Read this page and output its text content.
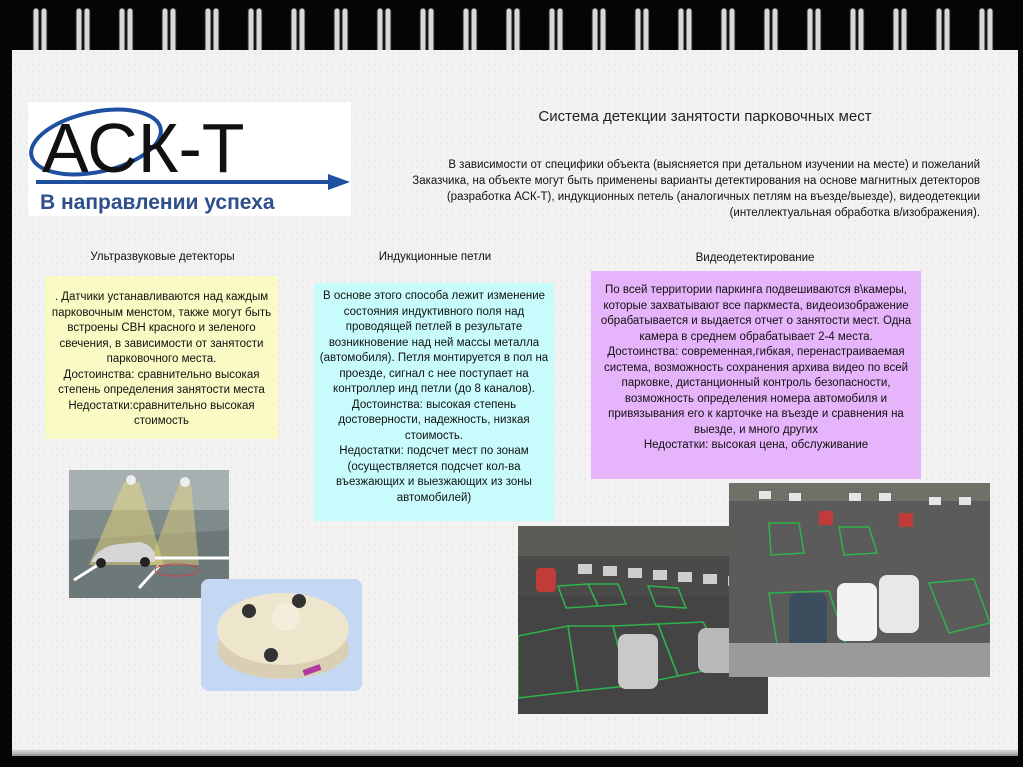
АСК-Т
В направлении успеха
Система детекции занятости парковочных мест
В зависимости от специфики объекта (выясняется при детальном изучении на месте) и пожеланий Заказчика, на объекте могут быть применены варианты детектирования на основе магнитных детекторов (разработка АСК-Т), индукционных петель (аналогичных петлям на въезде/выезде), видеодетекции (интеллектуальная обработка в/изображения).
Ультразвуковые детекторы	Индукционные петли	Видеодетектирование
. Датчики устанавливаются над каждым парковочным менстом, также могут быть встроены СВН красного и зеленого свечения, в зависимости от занятости парковочного места.
Достоинства: сравнительно высокая степень определения занятости места
Недостатки:сравнительно высокая стоимость
В основе этого способа лежит изменение состояния индуктивного поля над проводящей петлей в результате возникновение над ней массы металла (автомобиля). Петля монтируется в пол на проезде, сигнал с нее поступает на контроллер инд петли (до 8 каналов).
Достоинства: высокая степень достоверности, надежность, низкая стоимость.
Недостатки: подсчет мест по зонам (осуществляется подсчет кол-ва въезжающих и выезжающих из зоны автомобилей)
По всей территории паркинга подвешиваются в\камеры, которые захватывают все паркместа, видеоизображение обрабатывается и выдается отчет о занятости мест. Одна камера в среднем обрабатывает 2-4 места.
Достоинства: современная,гибкая, перенастраиваемая система, возможность сохранения архива видео по всей парковке, дистанционный контроль безопасности, возможность определения номера автомобиля и привязывания его к карточке на въезде и сравнения на выезде, и много других
Недостатки: высокая цена, обслуживание
